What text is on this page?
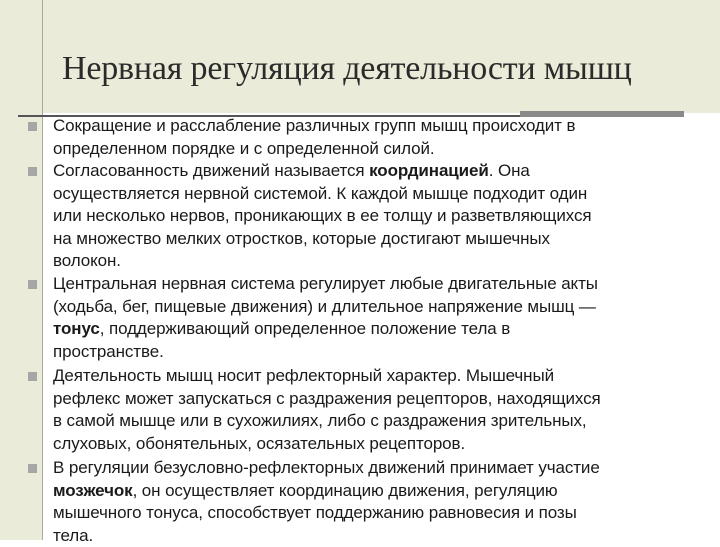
Нервная регуляция деятельности мышц
Сокращение и расслабление различных групп мышц происходит в
определенном порядке и с определенной силой.
Согласованность движений называется координацией. Она
осуществляется нервной системой. К каждой мышце подходит один
или несколько нервов, проникающих в ее толщу и разветвляющихся
на множество мелких отростков, которые достигают мышечных
волокон.
Центральная нервная система регулирует любые двигательные акты
(ходьба, бег, пищевые движения) и длительное напряжение мышц —
тонус, поддерживающий определенное положение тела в
пространстве.
Деятельность мышц носит рефлекторный характер. Мышечный
рефлекс может запускаться с раздражения рецепторов, находящихся
в самой мышце или в сухожилиях, либо с раздражения зрительных,
слуховых, обонятельных, осязательных рецепторов.
В регуляции безусловно-рефлекторных движений принимает участие
мозжечок, он осуществляет координацию движения, регуляцию
мышечного тонуса, способствует поддержанию равновесия и позы
тела.
